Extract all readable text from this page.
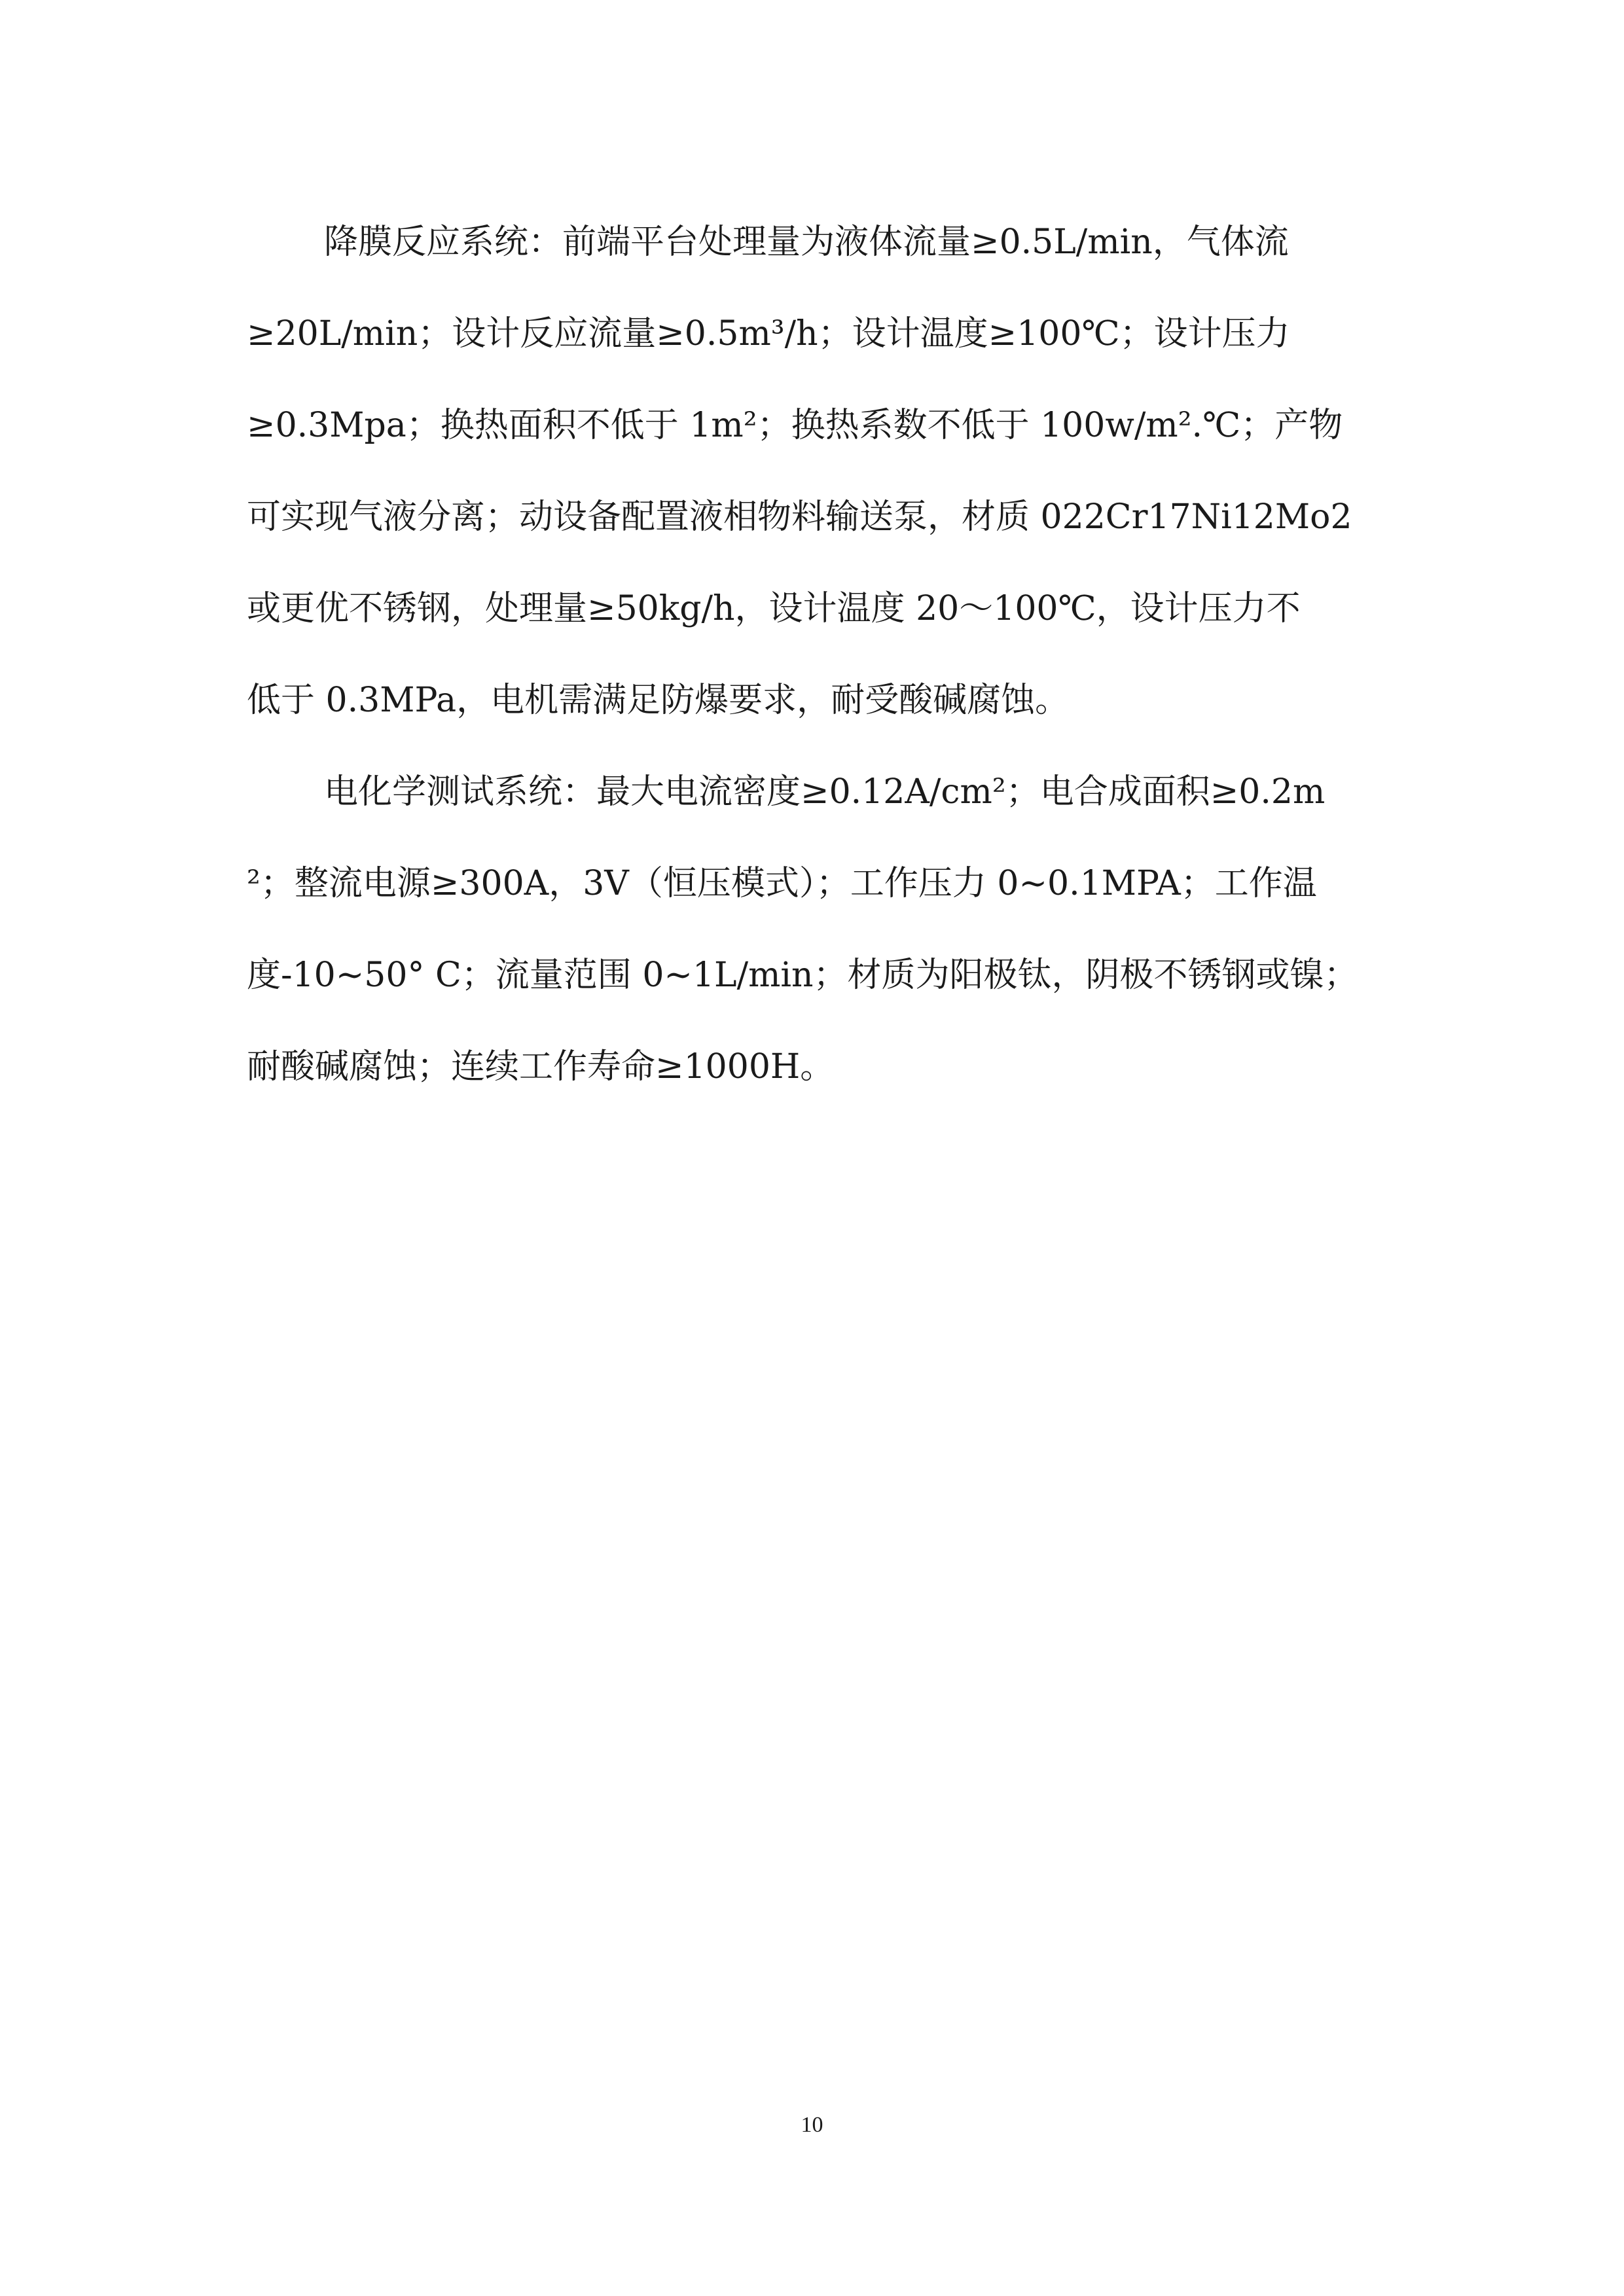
降膜反应系统：前端平台处理量为液体流量≥0.5L/min，气体流
≥20L/min；设计反应流量≥0.5m³/h；设计温度≥100℃；设计压力
≥0.3Mpa；换热面积不低于 1m²；换热系数不低于 100w/m².℃；产物
可实现气液分离；动设备配置液相物料输送泵，材质 022Cr17Ni12Mo2
或更优不锈钢，处理量≥50kg/h，设计温度 20～100℃，设计压力不
低于 0.3MPa，电机需满足防爆要求，耐受酸碱腐蚀。
电化学测试系统：最大电流密度≥0.12A/cm²；电合成面积≥0.2m
²；整流电源≥300A，3V（恒压模式）；工作压力 0~0.1MPA；工作温
度-10~50° C；流量范围 0~1L/min；材质为阳极钛，阴极不锈钢或镍；
耐酸碱腐蚀；连续工作寿命≥1000H。
10
